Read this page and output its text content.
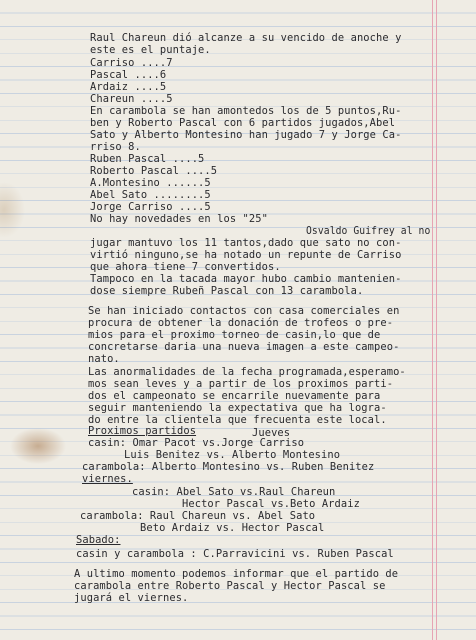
Raul Chareun dió alcanze a su vencido de anoche y
este es el puntaje.
Carriso ....7
Pascal ....6
Ardaiz ....5
Chareun ....5
En carambola se han amontedos los de 5 puntos,Ru-
ben y Roberto Pascal con 6 partidos jugados,Abel
Sato y Alberto Montesino han jugado 7 y Jorge Ca-
rriso 8.
Ruben Pascal ....5
Roberto Pascal ....5
A.Montesino ......5
Abel Sato ........5
Jorge Carriso ....5
No hay novedades en los "25"
Osvaldo Guifrey al no
jugar mantuvo los 11 tantos,dado que sato no con-
virtió ninguno,se ha notado un repunte de Carriso
que ahora tiene 7 convertidos.
Tampoco en la tacada mayor hubo cambio mantenien-
dose siempre Rubeñ Pascal con 13 carambola.
Se han iniciado contactos con casa comerciales en
procura de obtener la donación de trofeos o pre-
mios para el proximo torneo de casin,lo que de
concretarse daria una nueva imagen a este campeo-
nato.
Las anormalidades de la fecha programada,esperamo-
mos sean leves y a partir de los proximos parti-
dos el campeonato se encarrile nuevamente para
seguir manteniendo la expectativa que ha logra-
do entre la clientela que frecuenta este local.
Proximos partidos	Jueves
casin: Omar Pacot vs.Jorge Carriso
Luis Benitez vs. Alberto Montesino
carambola: Alberto Montesino vs. Ruben Benitez
viernes.
casin: Abel Sato vs.Raul Chareun
Hector Pascal vs.Beto Ardaiz
carambola: Raul Chareun vs. Abel Sato
Beto Ardaiz vs. Hector Pascal
Sabado:
casin y carambola : C.Parravicini vs. Ruben Pascal
A ultimo momento podemos informar que el partido de
carambola entre Roberto Pascal y Hector Pascal se
jugará el viernes.
